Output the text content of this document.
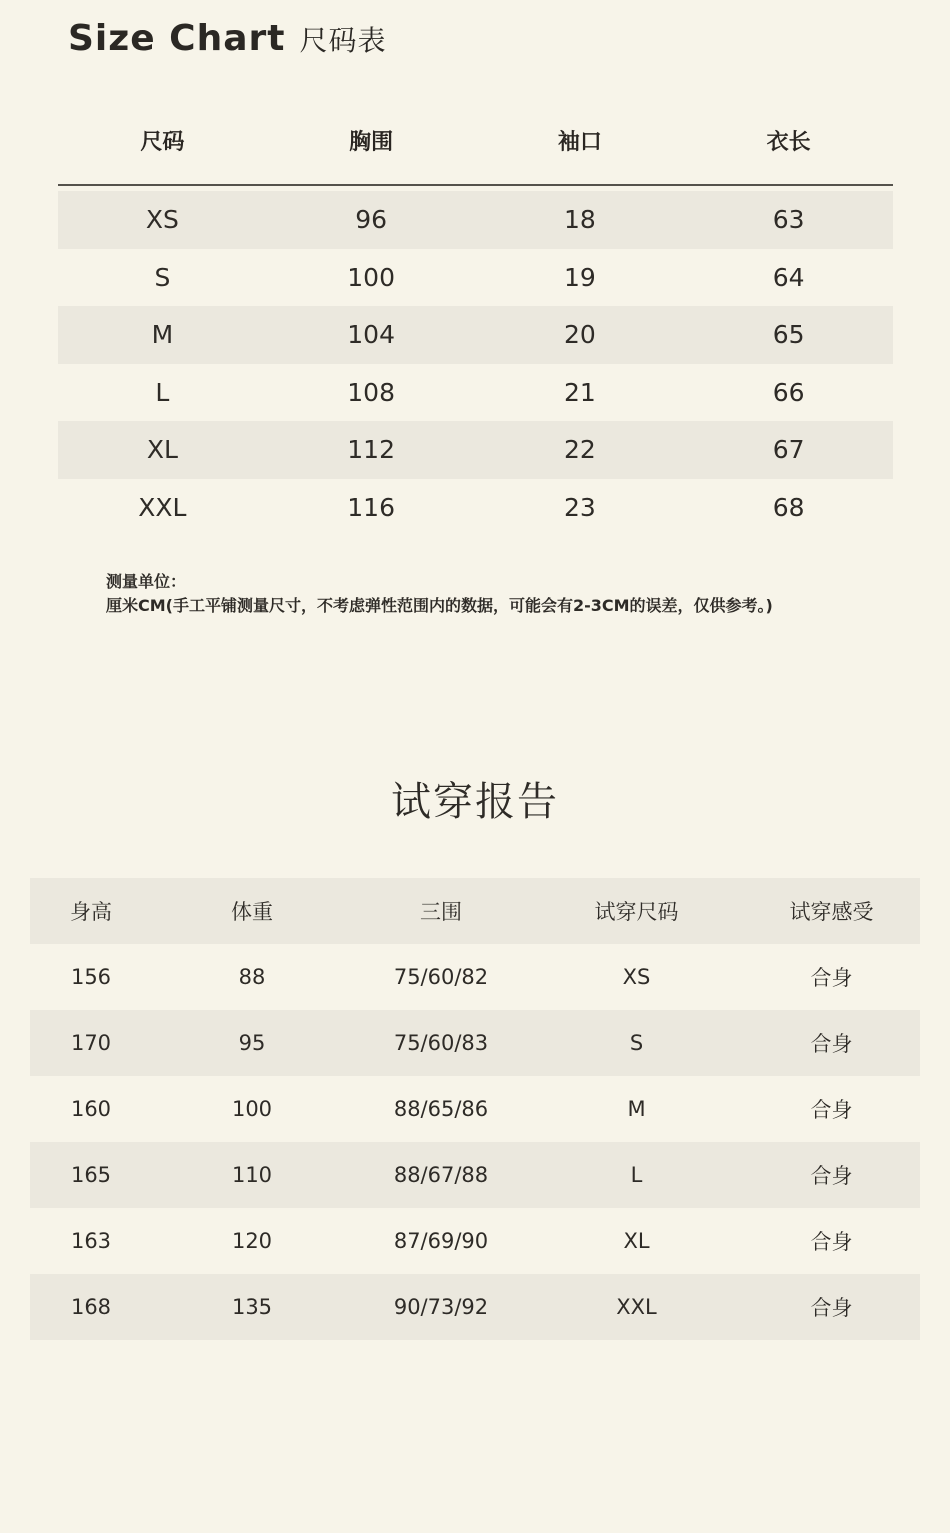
Size Chart 尺码表
尺码	胸围	袖口	衣长
XS	96	18	63
S	100	19	64
M	104	20	65
L	108	21	66
XL	112	22	67
XXL	116	23	68
测量单位：
厘米CM(手工平铺测量尺寸，不考虑弹性范围内的数据，可能会有2-3CM的误差，仅供参考。)
试穿报告
身高	体重	三围	试穿尺码	试穿感受
156	88	75/60/82	XS	合身
170	95	75/60/83	S	合身
160	100	88/65/86	M	合身
165	110	88/67/88	L	合身
163	120	87/69/90	XL	合身
168	135	90/73/92	XXL	合身
